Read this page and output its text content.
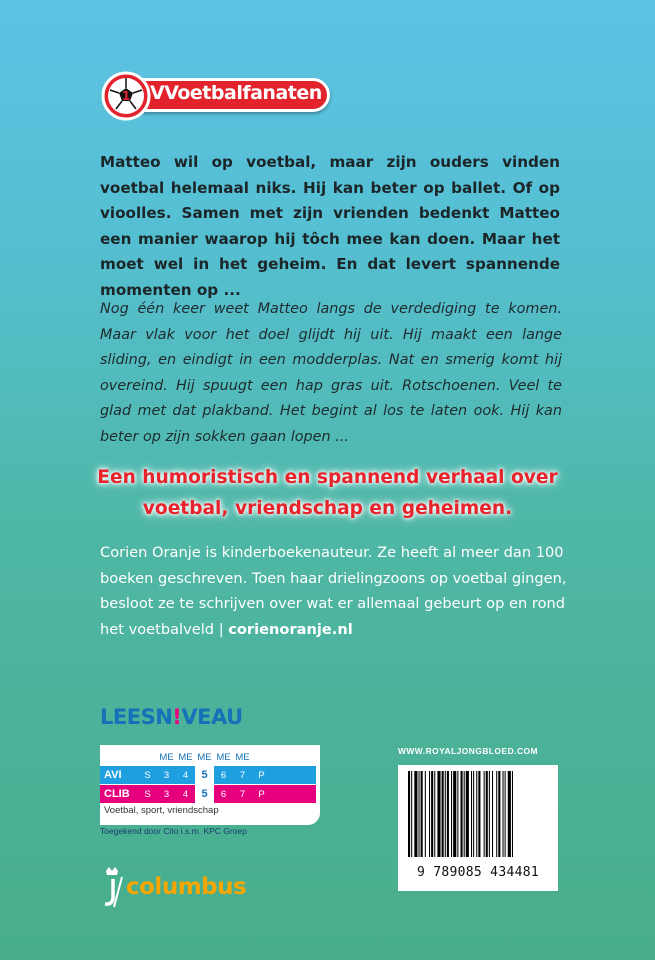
1 VVoetbalfanaten

Matteo wil op voetbal, maar zijn ouders vinden voetbal helemaal niks. Hij kan beter op ballet. Of op vioolles. Samen met zijn vrienden bedenkt Matteo een manier waarop hij tôch mee kan doen. Maar het moet wel in het geheim. En dat levert spannende momenten op ...

Nog één keer weet Matteo langs de verdediging te komen. Maar vlak voor het doel glijdt hij uit. Hij maakt een lange sliding, en eindigt in een modderplas. Nat en smerig komt hij overeind. Hij spuugt een hap gras uit. Rotschoenen. Veel te glad met dat plakband. Het begint al los te laten ook. Hij kan beter op zijn sokken gaan lopen ...

Een humoristisch en spannend verhaal over voetbal, vriendschap en geheimen.

Corien Oranje is kinderboekenauteur. Ze heeft al meer dan 100 boeken geschreven. Toen haar drielingzoons op voetbal gingen, besloot ze te schrijven over wat er allemaal gebeurt op en rond het voetbalveld | corienoranje.nl

LEESN!VEAU
ME ME ME ME ME
AVI	S	3	4	5	6	7	P
CLIB	S	3	4	5	6	7	P
Voetbal, sport, vriendschap
Toegekend door Cito i.s.m. KPC Groep
columbus
WWW.ROYALJONGBLOED.COM
9 789085 434481
